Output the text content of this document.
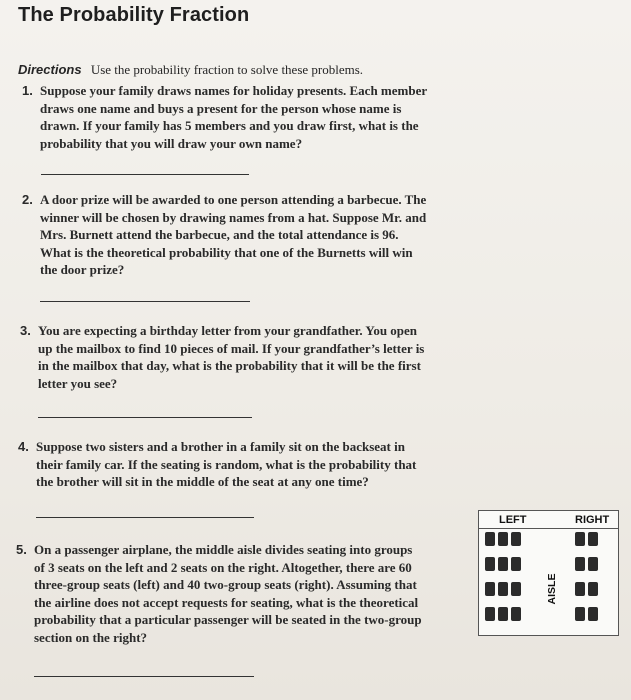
The Probability Fraction
Directions Use the probability fraction to solve these problems.
1. Suppose your family draws names for holiday presents. Each member
draws one name and buys a present for the person whose name is
drawn. If your family has 5 members and you draw first, what is the
probability that you will draw your own name?
2. A door prize will be awarded to one person attending a barbecue. The
winner will be chosen by drawing names from a hat. Suppose Mr. and
Mrs. Burnett attend the barbecue, and the total attendance is 96.
What is the theoretical probability that one of the Burnetts will win
the door prize?
3. You are expecting a birthday letter from your grandfather. You open
up the mailbox to find 10 pieces of mail. If your grandfather’s letter is
in the mailbox that day, what is the probability that it will be the first
letter you see?
4. Suppose two sisters and a brother in a family sit on the backseat in
their family car. If the seating is random, what is the probability that
the brother will sit in the middle of the seat at any one time?
5. On a passenger airplane, the middle aisle divides seating into groups
of 3 seats on the left and 2 seats on the right. Altogether, there are 60
three-group seats (left) and 40 two-group seats (right). Assuming that
the airline does not accept requests for seating, what is the theoretical
probability that a particular passenger will be seated in the two-group
section on the right?
LEFT	RIGHT
AISLE
